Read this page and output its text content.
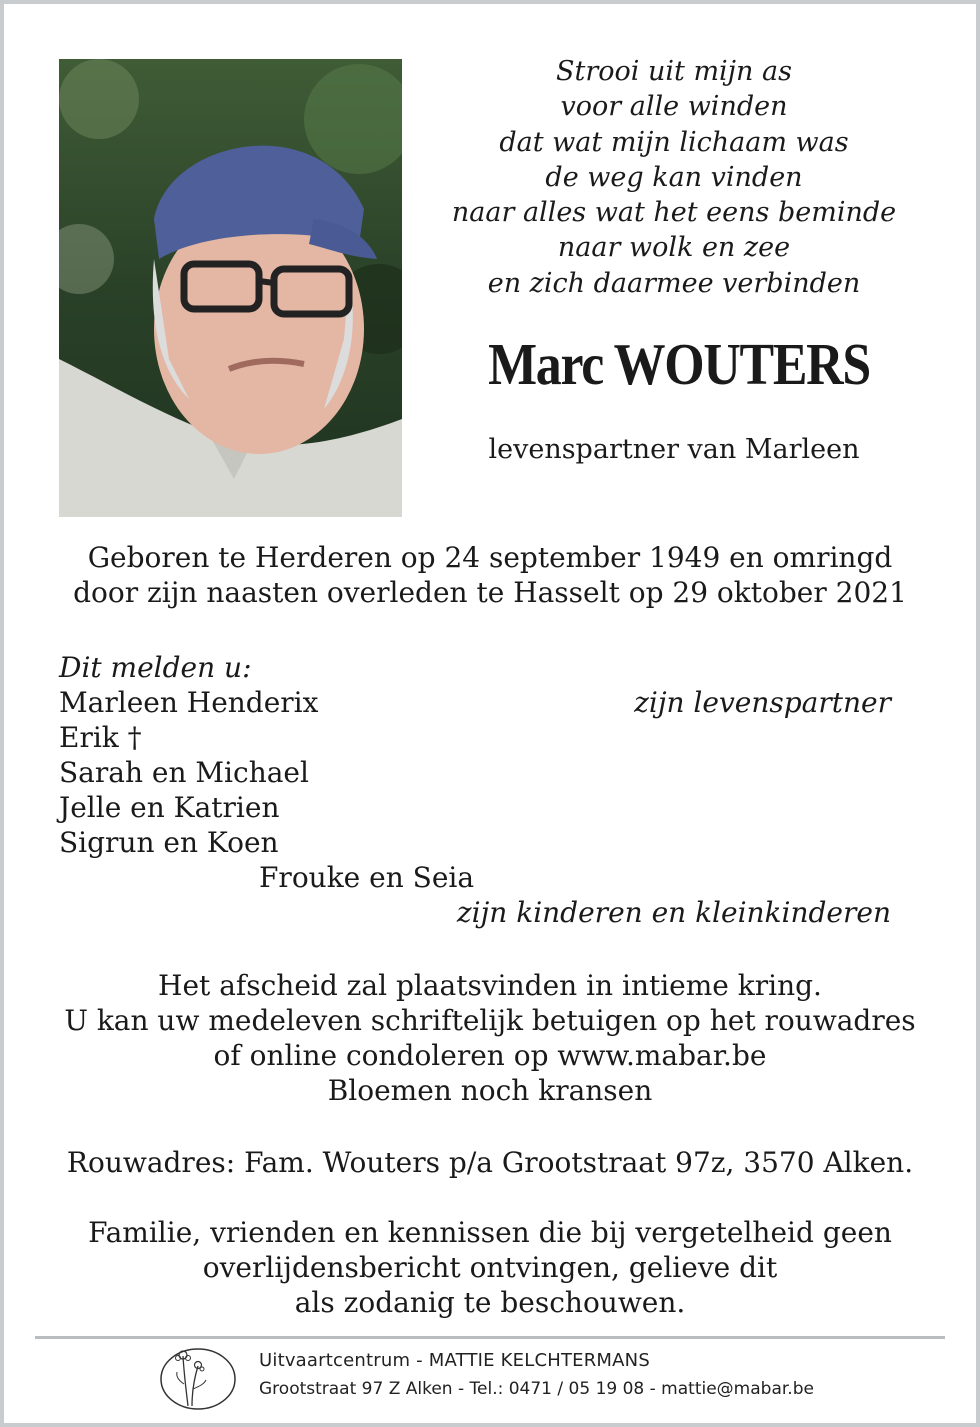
Strooi uit mijn as
voor alle winden
dat wat mijn lichaam was
de weg kan vinden
naar alles wat het eens beminde
naar wolk en zee
en zich daarmee verbinden
Marc WOUTERS
levenspartner van Marleen
Geboren te Herderen op 24 september 1949 en omringd
door zijn naasten overleden te Hasselt op 29 oktober 2021
Dit melden u:
Marleen Henderix	zijn levenspartner
Erik †
Sarah en Michael
Jelle en Katrien
Sigrun en Koen
Frouke en Seia
zijn kinderen en kleinkinderen
Het afscheid zal plaatsvinden in intieme kring.
U kan uw medeleven schriftelijk betuigen op het rouwadres
of online condoleren op www.mabar.be
Bloemen noch kransen
Rouwadres: Fam. Wouters p/a Grootstraat 97z, 3570 Alken.
Familie, vrienden en kennissen die bij vergetelheid geen
overlijdensbericht ontvingen, gelieve dit
als zodanig te beschouwen.
Uitvaartcentrum - MATTIE KELCHTERMANS
Grootstraat 97 Z Alken - Tel.: 0471 / 05 19 08 - mattie@mabar.be
